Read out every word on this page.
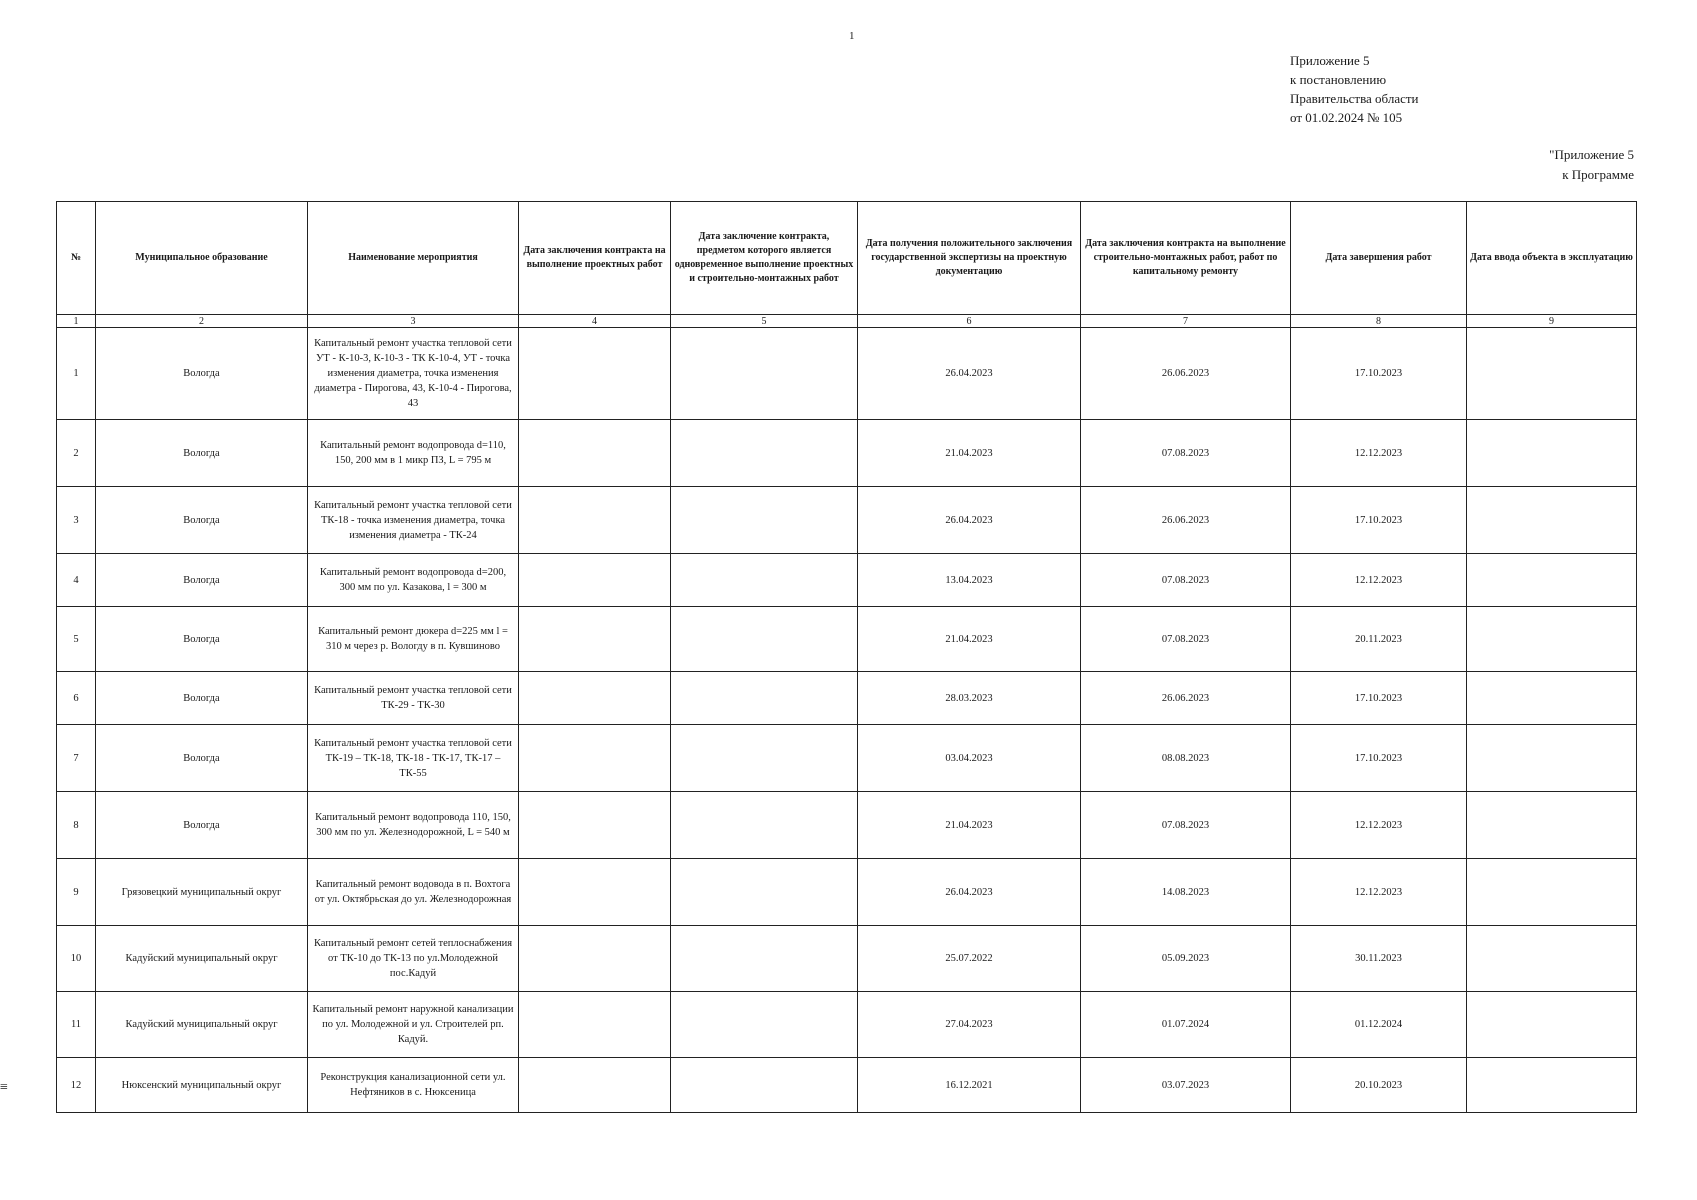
1
Приложение 5
к постановлению
Правительства области
от 01.02.2024 № 105
"Приложение 5
к Программе
№	Муниципальное образование	Наименование мероприятия	Дата заключения контракта на выполнение проектных работ	Дата заключение контракта, предметом которого является одновременное выполнение проектных и строительно-монтажных работ	Дата получения положительного заключения государственной экспертизы на проектную документацию	Дата заключения контракта на выполнение строительно-монтажных работ, работ по капитальному ремонту	Дата завершения работ	Дата ввода объекта в эксплуатацию
1	2	3	4	5	6	7	8	9
1	Вологда	Капитальный ремонт участка тепловой сети УТ - К-10-3, К-10-3 - ТК К-10-4, УТ - точка изменения диаметра, точка изменения диаметра - Пирогова, 43, К-10-4 - Пирогова, 43			26.04.2023	26.06.2023	17.10.2023	
2	Вологда	Капитальный ремонт водопровода d=110, 150, 200 мм в 1 микр ПЗ, L = 795 м			21.04.2023	07.08.2023	12.12.2023	
3	Вологда	Капитальный ремонт участка тепловой сети ТК-18 - точка изменения диаметра, точка изменения диаметра - ТК-24			26.04.2023	26.06.2023	17.10.2023	
4	Вологда	Капитальный ремонт водопровода d=200, 300 мм по ул. Казакова, l = 300 м			13.04.2023	07.08.2023	12.12.2023	
5	Вологда	Капитальный ремонт дюкера d=225 мм l = 310 м через р. Вологду в п. Кувшиново			21.04.2023	07.08.2023	20.11.2023	
6	Вологда	Капитальный ремонт участка тепловой сети ТК-29 - ТК-30			28.03.2023	26.06.2023	17.10.2023	
7	Вологда	Капитальный ремонт участка тепловой сети ТК-19 – ТК-18, ТК-18 - ТК-17, ТК-17 – ТК-55			03.04.2023	08.08.2023	17.10.2023	
8	Вологда	Капитальный ремонт водопровода 110, 150, 300 мм по ул. Железнодорожной, L = 540 м			21.04.2023	07.08.2023	12.12.2023	
9	Грязовецкий муниципальный округ	Капитальный ремонт водовода в п. Вохтога от ул. Октябрьская до ул. Железнодорожная			26.04.2023	14.08.2023	12.12.2023	
10	Кадуйский муниципальный округ	Капитальный ремонт сетей теплоснабжения от ТК-10 до ТК-13 по ул.Молодежной пос.Кадуй			25.07.2022	05.09.2023	30.11.2023	
11	Кадуйский муниципальный округ	Капитальный ремонт наружной канализации по ул. Молодежной и ул. Строителей рп. Кадуй.			27.04.2023	01.07.2024	01.12.2024	
12	Нюксенский муниципальный округ	Реконструкция канализационной сети ул. Нефтяников в с. Нюксеница			16.12.2021	03.07.2023	20.10.2023	
≡
